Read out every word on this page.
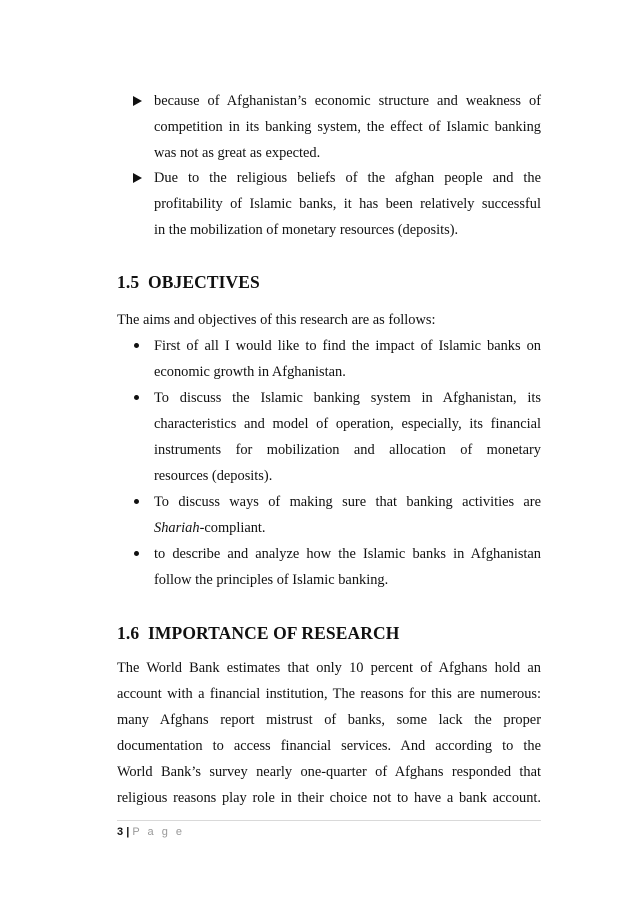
because of Afghanistan’s economic structure and weakness of
competition in its banking system, the effect of Islamic banking
was not as great as expected.
Due to the religious beliefs of the afghan people and the
profitability of Islamic banks, it has been relatively successful
in the mobilization of monetary resources (deposits).
1.5 OBJECTIVES
The aims and objectives of this research are as follows:
First of all I would like to find the impact of Islamic banks on
economic growth in Afghanistan.
To discuss the Islamic banking system in Afghanistan, its
characteristics and model of operation, especially, its financial
instruments for mobilization and allocation of monetary
resources (deposits).
To discuss ways of making sure that banking activities are
Shariah-compliant.
to describe and analyze how the Islamic banks in Afghanistan
follow the principles of Islamic banking.
1.6 IMPORTANCE OF RESEARCH
The World Bank estimates that only 10 percent of Afghans hold an
account with a financial institution, The reasons for this are numerous:
many Afghans report mistrust of banks, some lack the proper
documentation to access financial services. And according to the
World Bank’s survey nearly one-quarter of Afghans responded that
religious reasons play role in their choice not to have a bank account.
3 | P a g e
